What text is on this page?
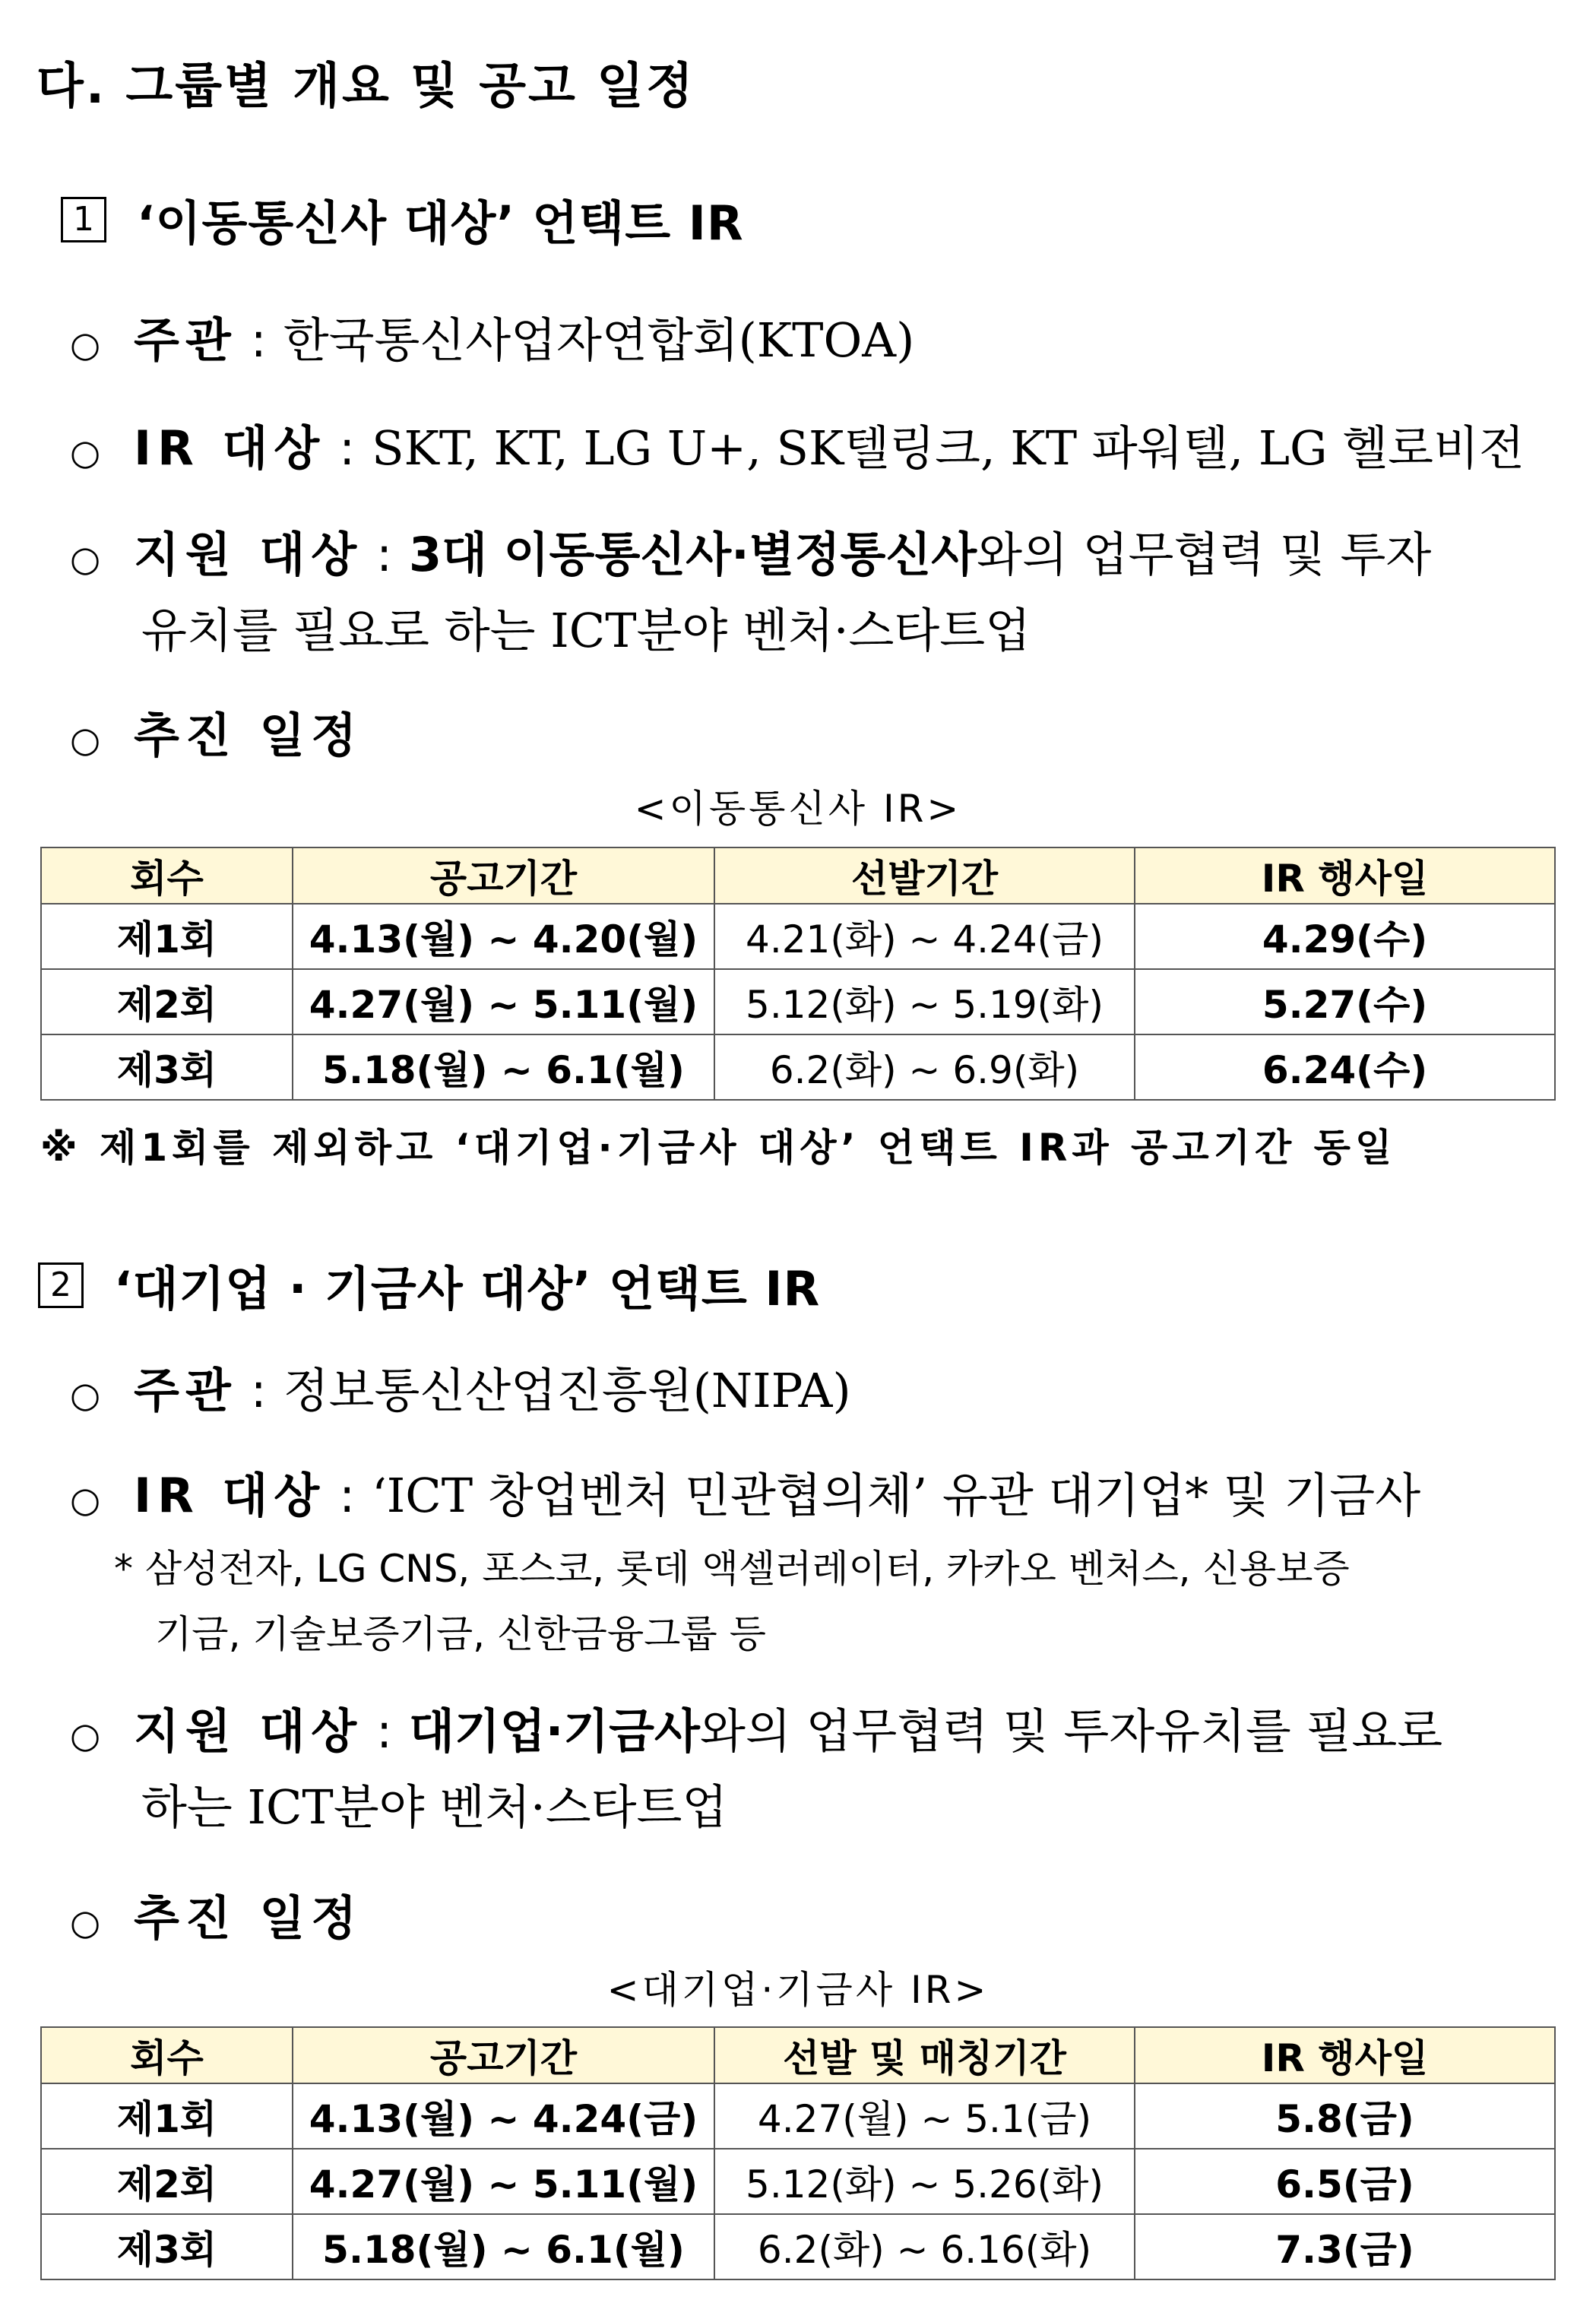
다. 그룹별 개요 및 공고 일정
1 ‘이동통신사 대상’ 언택트 IR
○ 주관 : 한국통신사업자연합회(KTOA)
○ IR 대상 : SKT, KT, LG U+, SK텔링크, KT 파워텔, LG 헬로비전
○ 지원 대상 : 3대 이동통신사·별정통신사 와의 업무협력 및 투자
유치를 필요로 하는 ICT분야 벤처·스타트업
○ 추진 일정
<이동통신사 IR>
회수	공고기간	선발기간	IR 행사일
제1회	4.13(월) ~ 4.20(월)	4.21(화) ~ 4.24(금)	4.29(수)
제2회	4.27(월) ~ 5.11(월)	5.12(화) ~ 5.19(화)	5.27(수)
제3회	5.18(월) ~ 6.1(월)	6.2(화) ~ 6.9(화)	6.24(수)
※ 제1회를 제외하고 ‘대기업·기금사 대상’ 언택트 IR과 공고기간 동일
2 ‘대기업 · 기금사 대상’ 언택트 IR
○ 주관 : 정보통신산업진흥원(NIPA)
○ IR 대상 : ‘ICT 창업벤처 민관협의체’ 유관 대기업* 및 기금사
* 삼성전자, LG CNS, 포스코, 롯데 액셀러레이터, 카카오 벤처스, 신용보증
기금, 기술보증기금, 신한금융그룹 등
○ 지원 대상 : 대기업·기금사 와의 업무협력 및 투자유치를 필요로
하는 ICT분야 벤처·스타트업
○ 추진 일정
<대기업·기금사 IR>
회수	공고기간	선발 및 매칭기간	IR 행사일
제1회	4.13(월) ~ 4.24(금)	4.27(월) ~ 5.1(금)	5.8(금)
제2회	4.27(월) ~ 5.11(월)	5.12(화) ~ 5.26(화)	6.5(금)
제3회	5.18(월) ~ 6.1(월)	6.2(화) ~ 6.16(화)	7.3(금)
